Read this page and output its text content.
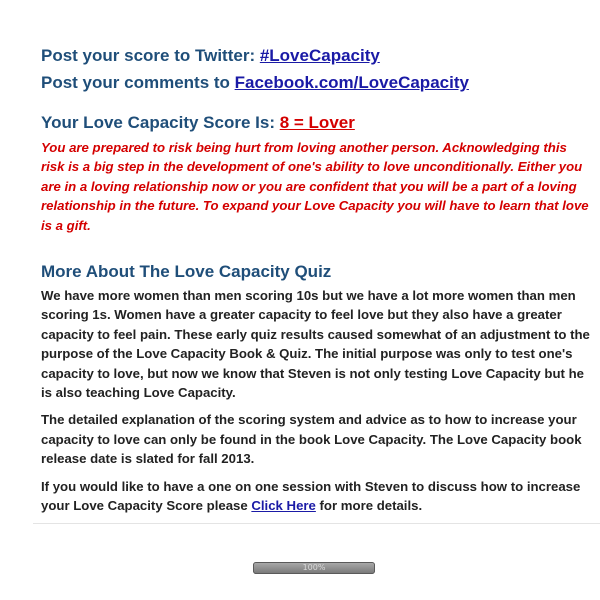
Post your score to Twitter: #LoveCapacity
Post your comments to Facebook.com/LoveCapacity
Your Love Capacity Score Is: 8 = Lover
You are prepared to risk being hurt from loving another person. Acknowledging this risk is a big step in the development of one's ability to love unconditionally. Either you are in a loving relationship now or you are confident that you will be a part of a loving relationship in the future. To expand your Love Capacity you will have to learn that love is a gift.
More About The Love Capacity Quiz

We have more women than men scoring 10s but we have a lot more women than men scoring 1s. Women have a greater capacity to feel love but they also have a greater capacity to feel pain. These early quiz results caused somewhat of an adjustment to the purpose of the Love Capacity Book & Quiz. The initial purpose was only to test one's capacity to love, but now we know that Steven is not only testing Love Capacity but he is also teaching Love Capacity.

The detailed explanation of the scoring system and advice as to how to increase your capacity to love can only be found in the book Love Capacity. The Love Capacity book release date is slated for fall 2013.

If you would like to have a one on one session with Steven to discuss how to increase your Love Capacity Score please Click Here for more details.

100%
